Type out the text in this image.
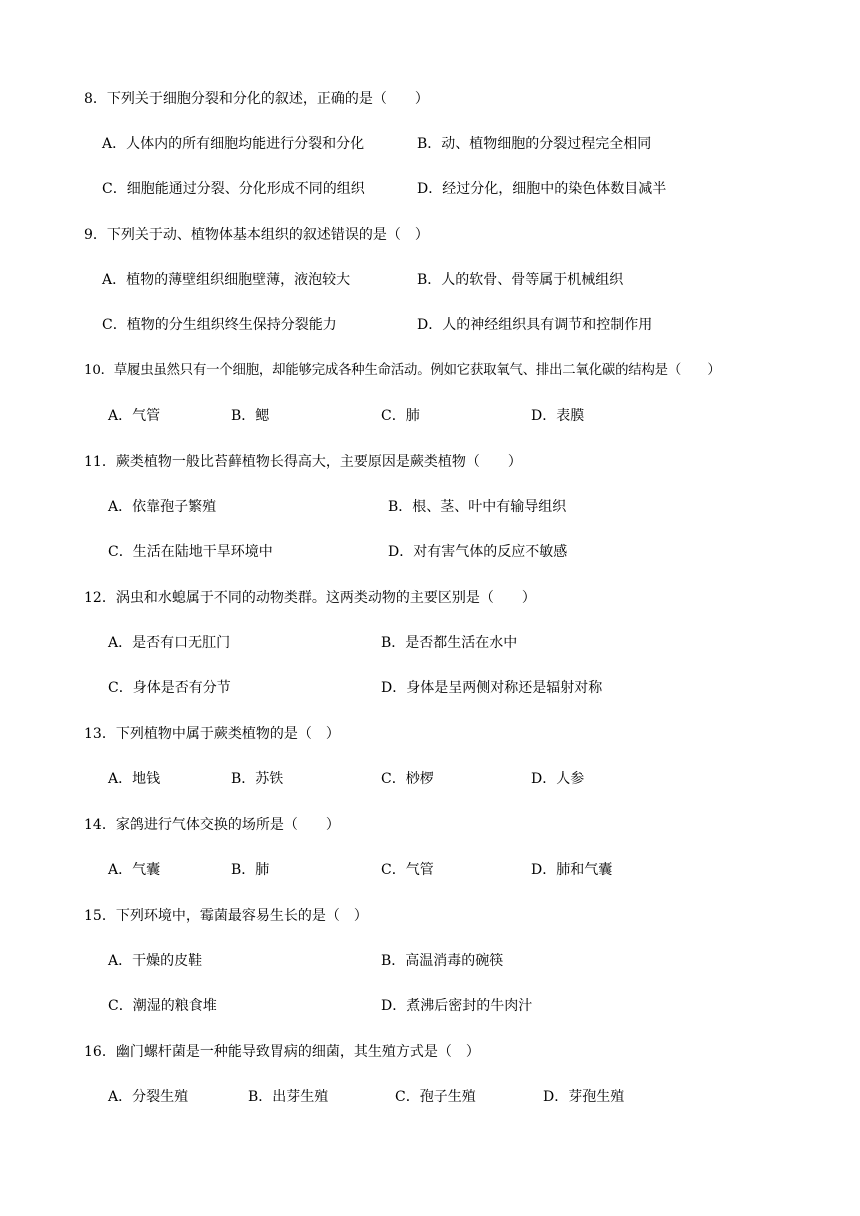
8．下列关于细胞分裂和分化的叙述，正确的是（　　）
A．人体内的所有细胞均能进行分裂和分化	B．动、植物细胞的分裂过程完全相同
C．细胞能通过分裂、分化形成不同的组织	D．经过分化，细胞中的染色体数目减半
9．下列关于动、植物体基本组织的叙述错误的是（　）
A．植物的薄壁组织细胞壁薄，液泡较大	B．人的软骨、骨等属于机械组织
C．植物的分生组织终生保持分裂能力	D．人的神经组织具有调节和控制作用
10．草履虫虽然只有一个细胞，却能够完成各种生命活动。例如它获取氧气、排出二氧化碳的结构是（　　）
A．气管	B．鳃	C．肺	D．表膜
11．蕨类植物一般比苔藓植物长得高大，主要原因是蕨类植物（　　）
A．依靠孢子繁殖	B．根、茎、叶中有输导组织
C．生活在陆地干旱环境中	D．对有害气体的反应不敏感
12．涡虫和水螅属于不同的动物类群。这两类动物的主要区别是（　　）
A．是否有口无肛门	B．是否都生活在水中
C．身体是否有分节	D．身体是呈两侧对称还是辐射对称
13．下列植物中属于蕨类植物的是（　）
A．地钱	B．苏铁	C．桫椤	D．人参
14．家鸽进行气体交换的场所是（　　）
A．气囊	B．肺	C．气管	D．肺和气囊
15．下列环境中，霉菌最容易生长的是（　）
A．干燥的皮鞋	B．高温消毒的碗筷
C．潮湿的粮食堆	D．煮沸后密封的牛肉汁
16．幽门螺杆菌是一种能导致胃病的细菌，其生殖方式是（　）
A．分裂生殖	B．出芽生殖	C．孢子生殖	D．芽孢生殖
